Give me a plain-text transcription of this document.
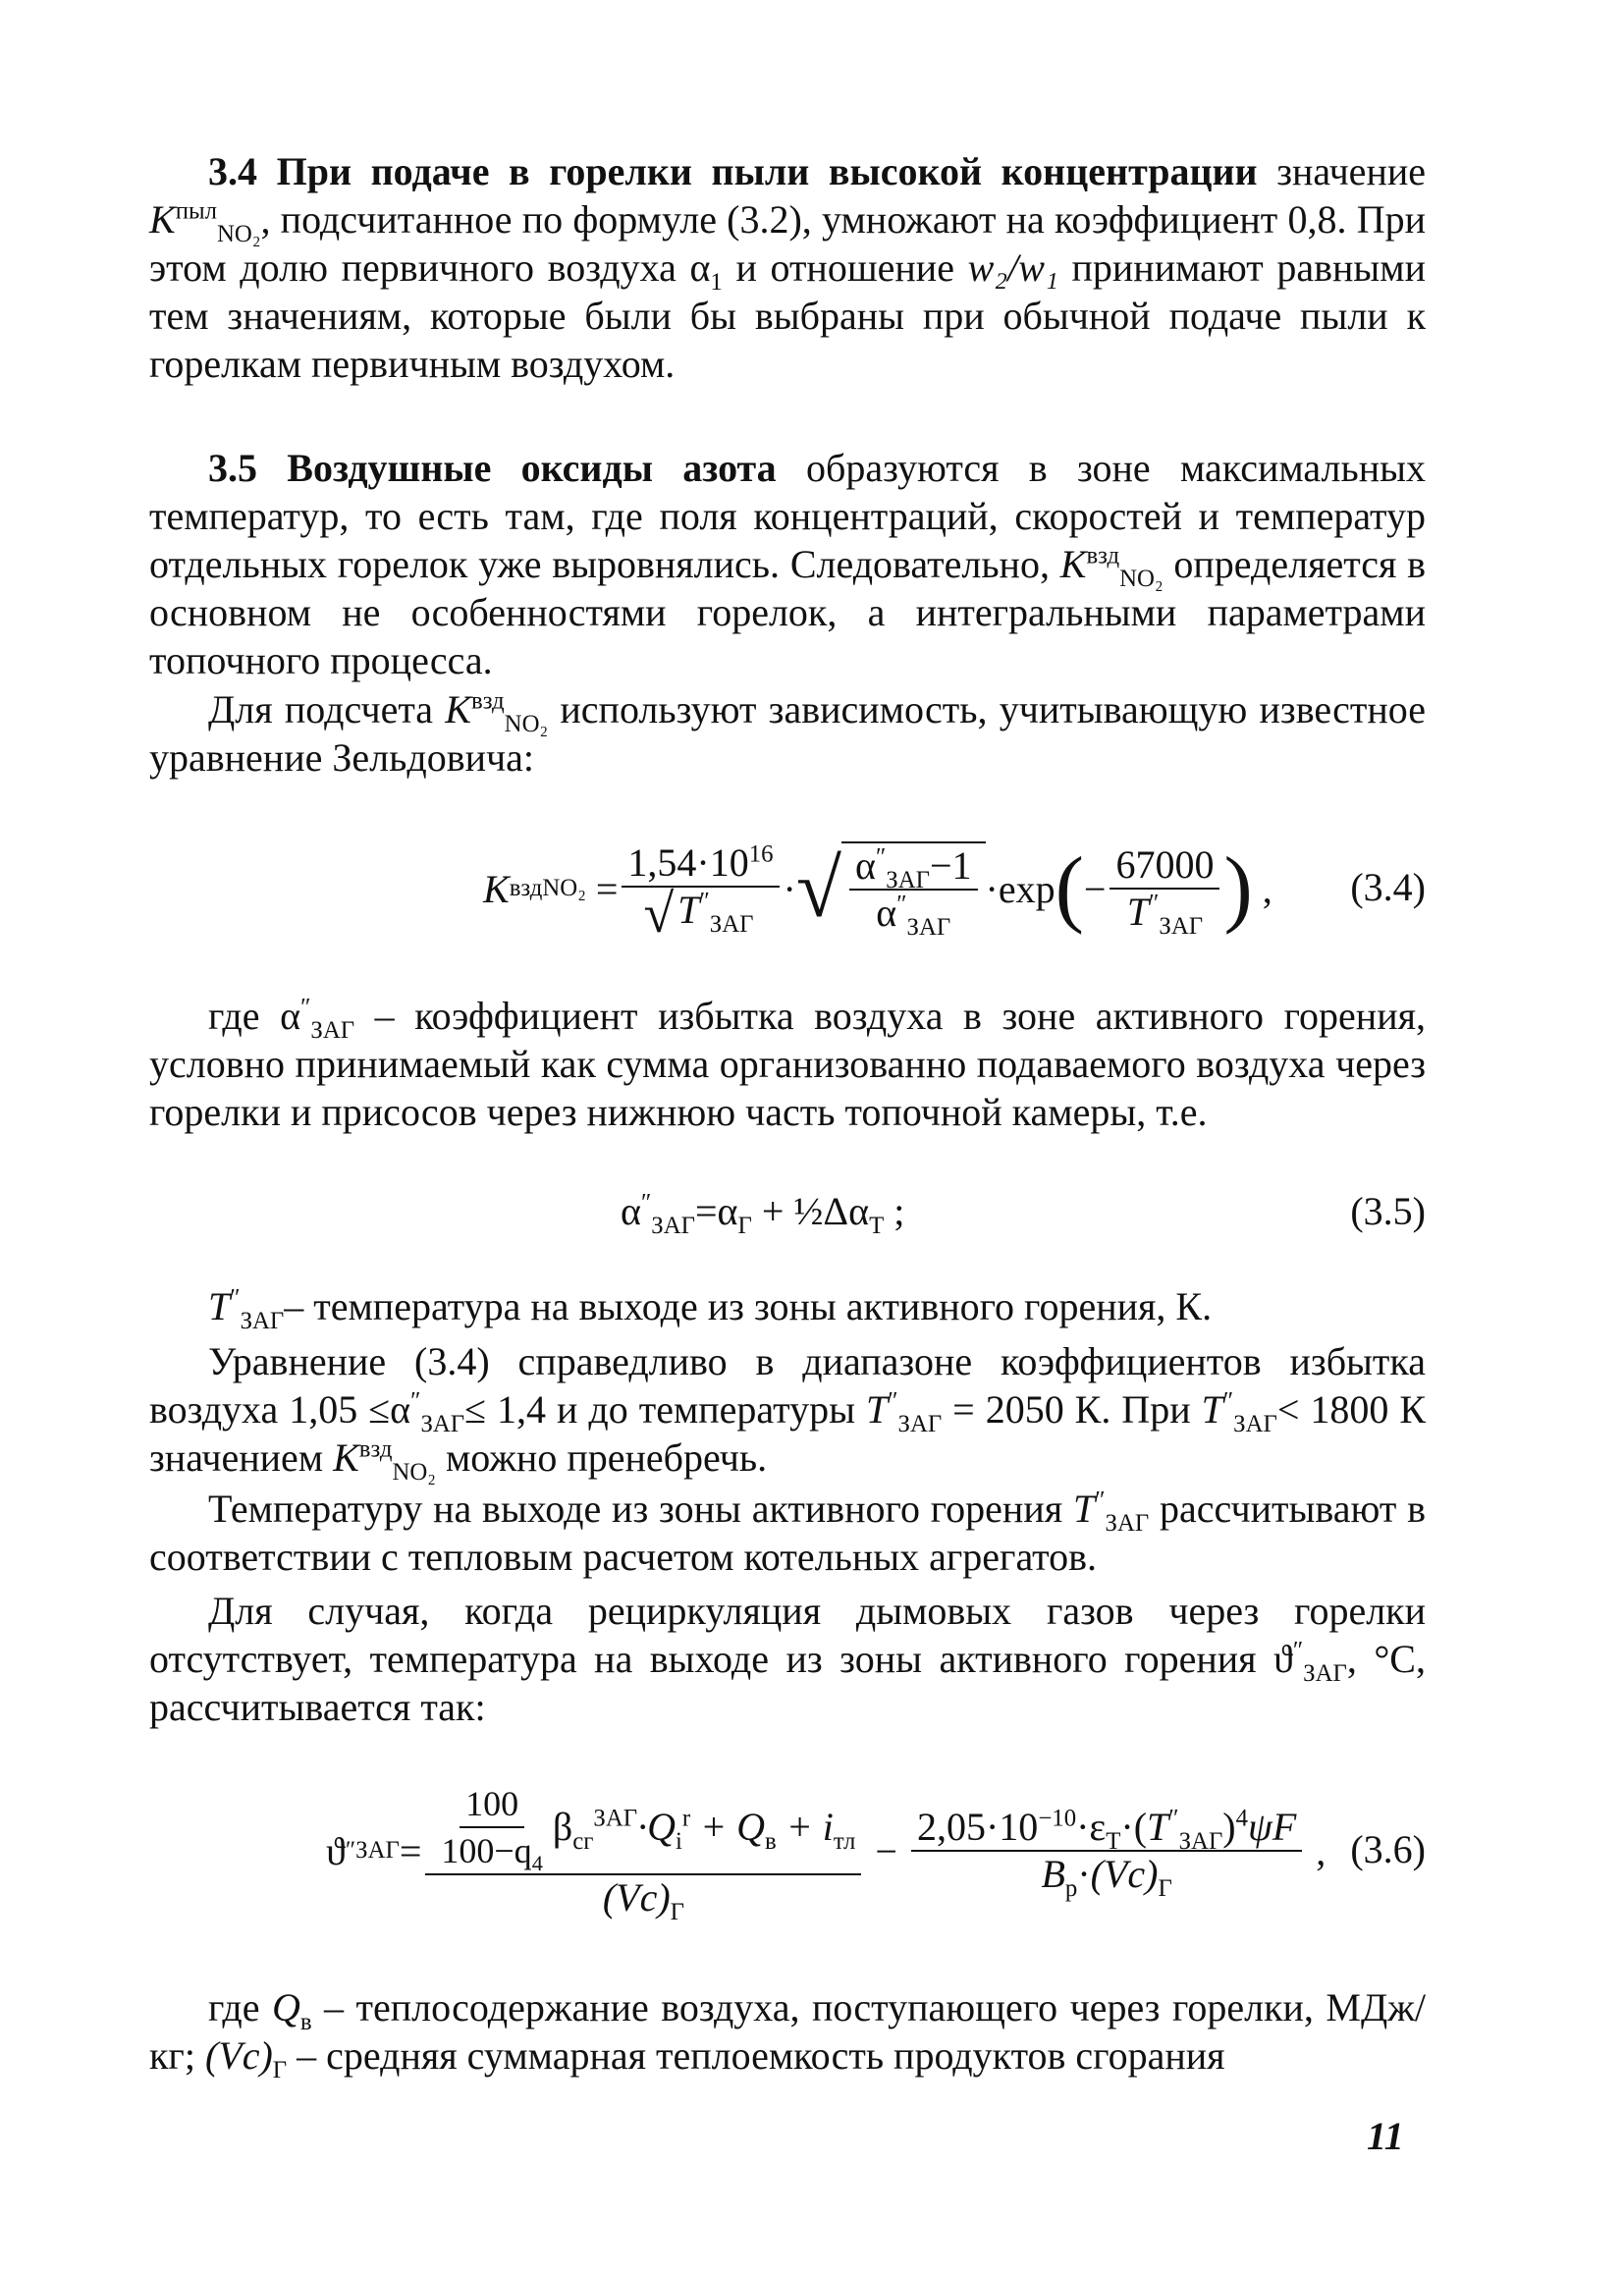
3.4 При подаче в горелки пыли высокой концентрации значение $K^{пыл}_{NO_2}$, подсчитанное по формуле (3.2), умножают на коэффициент 0,8. При этом долю первичного воздуха $\alpha_1$ и отношение w₂/w₁ принимают равными тем значениям, которые были бы выбраны при обычной подаче пыли к горелкам первичным воздухом.

3.5 Воздушные оксиды азота образуются в зоне максимальных температур, то есть там, где поля концентраций, скоростей и температур отдельных горелок уже выровнялись. Следовательно, $K^{взд}_{NO_2}$ определяется в основном не особенностями горелок, а интегральными параметрами топочного процесса.

Для подсчета $K^{взд}_{NO_2}$ используют зависимость, учитывающую известное уравнение Зельдовича:

K взд $NO_2 = \frac{1,54\cdot 10^{16}}{√ T''_{ЗАГ}}$ · √ $\frac{\alpha''_{ЗАГ}-1}{\alpha''_{ЗАГ}} \cdot\exp$ ( − $\frac{67000}{T''_{ЗАГ}}$ ) , (3.4)

где $\alpha''_{ЗАГ}$ – коэффициент избытка воздуха в зоне активного горения, условно принимаемый как сумма организованно подаваемого воздуха через горелки и присосов через нижнюю часть топочной камеры, т.е.

$\alpha''_{ЗАГ}=\alpha_Г$ + $\frac{1}{2}\Delta\alpha_Т$ ;	(3.5)

$T''_{ЗАГ}-$ температура на выходе из зоны активного горения, К.

Уравнение (3.4) справедливо в диапазоне коэффициентов избытка воздуха $1,05 \le\alpha''_{ЗАГ}\le 1,4$ и до температуры $T''_{ЗАГ} = 2050$ К. При $T''_{ЗАГ}< 1800$ К значением $K^{взд}_{NO_2}$ можно пренебречь.

Температуру на выходе из зоны активного горения $T''_{ЗАГ}$ рассчитывают в соответствии с тепловым расчетом котельных агрегатов.

Для случая, когда рециркуляция дымовых газов через горелки отсутствует, температура на выходе из зоны активного горения $ϑ''_{ЗАГ}$, °С, рассчитывается так:

ϑ ″ ЗАГ = $\frac{100}{100-q_4} \beta_{сг}^{ЗАГ}\cdot Q_i^r + Q_в + i_{тл}$
$(Vc)_Г$
− $\frac{2,05\cdot 10^{-10}\cdot\varepsilon_Т\cdot(T''_{ЗАГ})^4\psi F}{B_р\cdot(Vc)_Г}$ , (3.6)

где $Q_в$ – теплосодержание воздуха, поступающего через горелки, МДж/кг; $(Vc)_Г$ – средняя суммарная теплоемкость продуктов сгорания

11
